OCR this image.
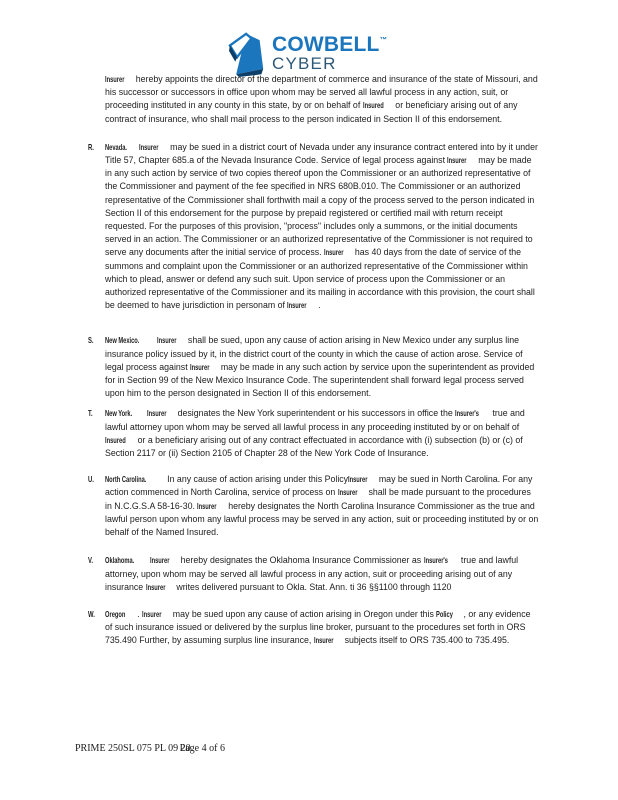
COWBELL™
CYBER
Insurer hereby appoints the director of the department of commerce and insurance of the state of Missouri, and his successor or successors in office upon whom may be served all lawful process in any action, suit, or proceeding instituted in any county in this state, by or on behalf of Insured or beneficiary arising out of any contract of insurance, who shall mail process to the person indicated in Section II of this endorsement.
R.	Nevada. Insurer may be sued in a district court of Nevada under any insurance contract entered into by it under Title 57, Chapter 685.a of the Nevada Insurance Code. Service of legal process against Insurer may be made in any such action by service of two copies thereof upon the Commissioner or an authorized representative of the Commissioner and payment of the fee specified in NRS 680B.010. The Commissioner or an authorized representative of the Commissioner shall forthwith mail a copy of the process served to the person indicated in Section II of this endorsement for the purpose by prepaid registered or certified mail with return receipt requested. For the purposes of this provision, "process" includes only a summons, or the initial documents served in an action. The Commissioner or an authorized representative of the Commissioner is not required to serve any documents after the initial service of process. Insurer has 40 days from the date of service of the summons and complaint upon the Commissioner or an authorized representative of the Commissioner within which to plead, answer or defend any such suit. Upon service of process upon the Commissioner or an authorized representative of the Commissioner and its mailing in accordance with this provision, the court shall be deemed to have jurisdiction in personam of Insurer .
S.	New Mexico. Insurer shall be sued, upon any cause of action arising in New Mexico under any surplus line insurance policy issued by it, in the district court of the county in which the cause of action arose. Service of legal process against Insurer may be made in any such action by service upon the superintendent as provided for in Section 99 of the New Mexico Insurance Code. The superintendent shall forward legal process served upon him to the person designated in Section II of this endorsement.
T.	New York. Insurer designates the New York superintendent or his successors in office the Insurer's true and lawful attorney upon whom may be served all lawful process in any proceeding instituted by or on behalf of Insured or a beneficiary arising out of any contract effectuated in accordance with (i) subsection (b) or (c) of Section 2117 or (ii) Section 2105 of Chapter 28 of the New York Code of Insurance.
U.	North Carolina. In any cause of action arising under this PolicyInsurer may be sued in North Carolina. For any action commenced in North Carolina, service of process on Insurer shall be made pursuant to the procedures in N.C.G.S.A 58-16-30. Insurer hereby designates the North Carolina Insurance Commissioner as the true and lawful person upon whom any lawful process may be served in any action, suit or proceeding instituted by or on behalf of the Named Insured.
V.	Oklahoma. Insurer hereby designates the Oklahoma Insurance Commissioner as Insurer's true and lawful attorney, upon whom may be served all lawful process in any action, suit or proceeding arising out of any insurance Insurer writes delivered pursuant to Okla. Stat. Ann. ti 36 §§1100 through 1120
W.	Oregon . Insurer may be sued upon any cause of action arising in Oregon under this Policy , or any evidence of such insurance issued or delivered by the surplus line broker, pursuant to the procedures set forth in ORS 735.490 Further, by assuming surplus line insurance, Insurer subjects itself to ORS 735.400 to 735.495.
PRIME 250SL 075 PL 09 20Page 4 of 6
